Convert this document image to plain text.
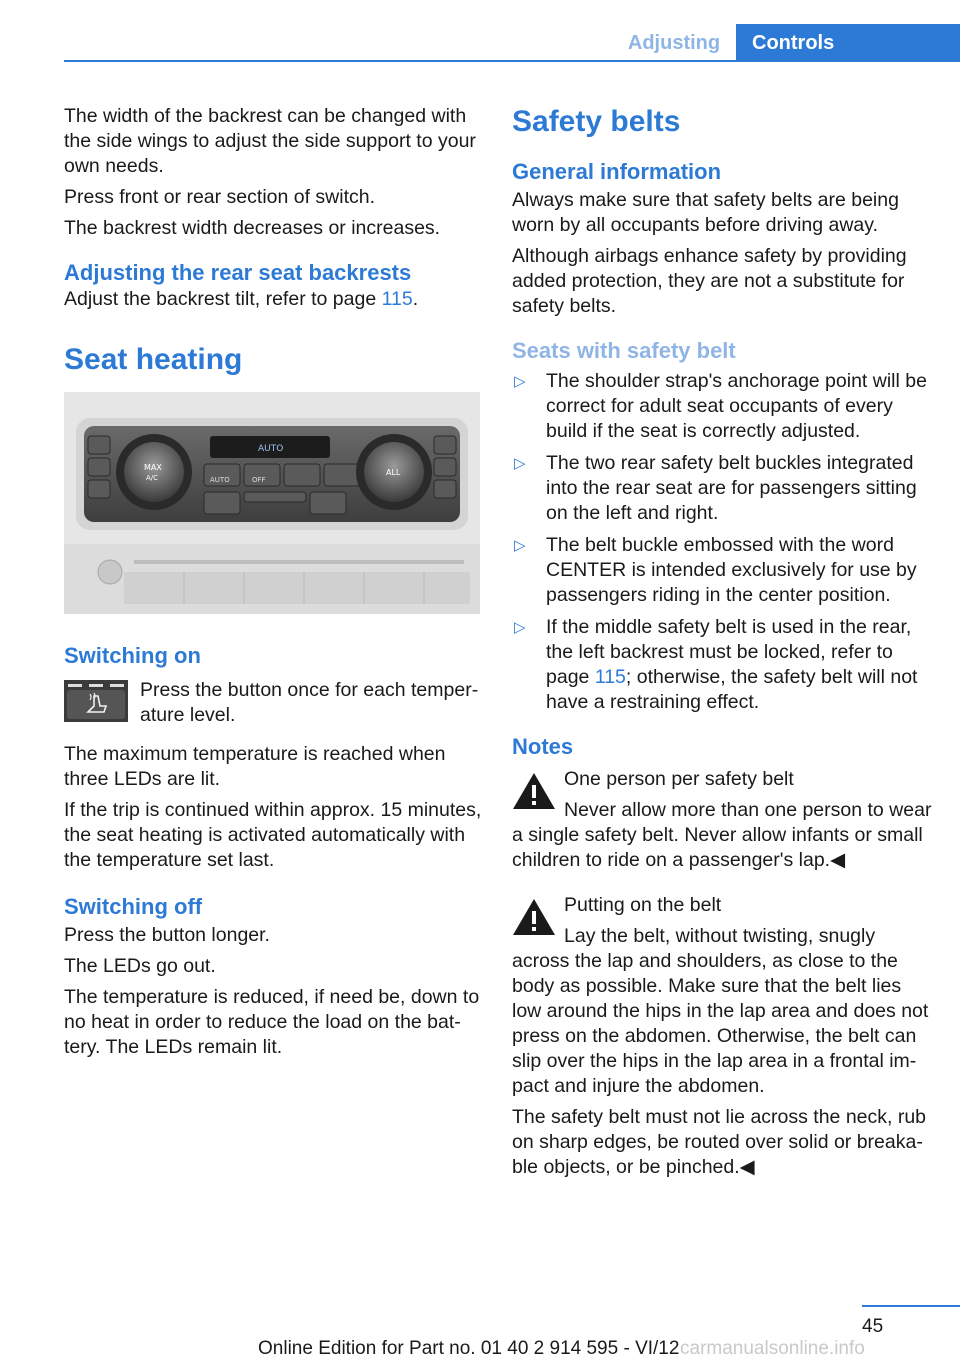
Adjusting	Controls

The width of the backrest can be changed with the side wings to adjust the side support to your own needs.

Press front or rear section of switch.

The backrest width decreases or increases.

Adjusting the rear seat backrests

Adjust the backrest tilt, refer to page 115.

Seat heating
AUTO
MAX
A/C
ALL
AUTO	OFF
Switching on

Press the button once for each temper-ature level.

The maximum temperature is reached when three LEDs are lit.

If the trip is continued within approx. 15 minutes, the seat heating is activated automatically with the temperature set last.

Switching off

Press the button longer.

The LEDs go out.

The temperature is reduced, if need be, down to no heat in order to reduce the load on the bat-tery. The LEDs remain lit.

Safety belts
General information

Always make sure that safety belts are being worn by all occupants before driving away.

Although airbags enhance safety by providing added protection, they are not a substitute for safety belts.

Seats with safety belt
▷ The shoulder strap's anchorage point will be correct for adult seat occupants of every build if the seat is correctly adjusted.
▷ The two rear safety belt buckles integrated into the rear seat are for passengers sitting on the left and right.
▷ The belt buckle embossed with the word CENTER is intended exclusively for use by passengers riding in the center position.
▷ If the middle safety belt is used in the rear, the left backrest must be locked, refer to page 115; otherwise, the safety belt will not have a restraining effect.
Notes

One person per safety belt

Never allow more than one person to wear a single safety belt. Never allow infants or small children to ride on a passenger's lap.◀

Putting on the belt

Lay the belt, without twisting, snugly across the lap and shoulders, as close to the body as possible. Make sure that the belt lies low around the hips in the lap area and does not press on the abdomen. Otherwise, the belt can slip over the hips in the lap area in a frontal im-pact and injure the abdomen.

The safety belt must not lie across the neck, rub on sharp edges, be routed over solid or breaka-ble objects, or be pinched.◀

45
Online Edition for Part no. 01 40 2 914 595 - VI/12 carmanualsonline.info
